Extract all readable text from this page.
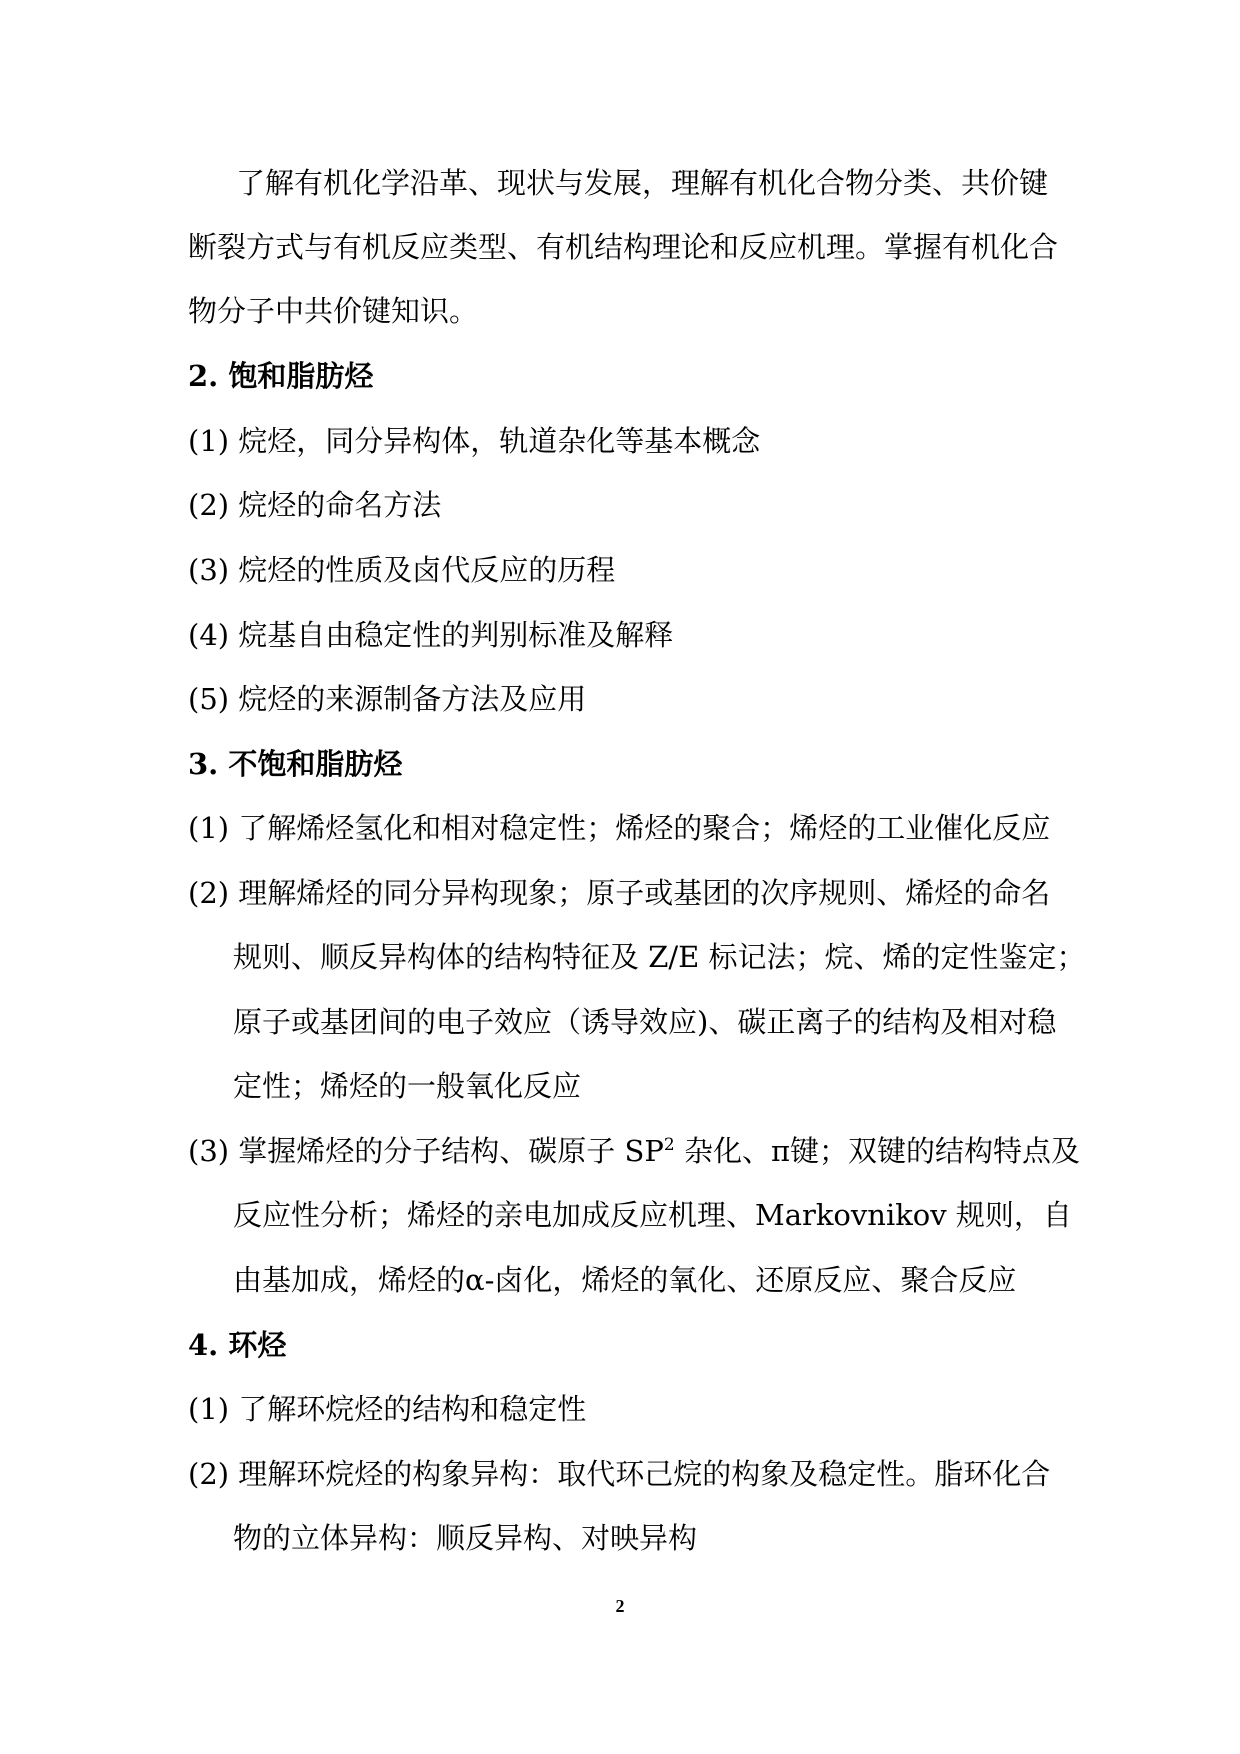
了解有机化学沿革、现状与发展，理解有机化合物分类、共价键
断裂方式与有机反应类型、有机结构理论和反应机理。掌握有机化合
物分子中共价键知识。
2. 饱和脂肪烃
(1) 烷烃，同分异构体，轨道杂化等基本概念
(2) 烷烃的命名方法
(3) 烷烃的性质及卤代反应的历程
(4) 烷基自由稳定性的判别标准及解释
(5) 烷烃的来源制备方法及应用
3. 不饱和脂肪烃
(1) 了解烯烃氢化和相对稳定性；烯烃的聚合；烯烃的工业催化反应
(2) 理解烯烃的同分异构现象；原子或基团的次序规则、烯烃的命名
规则、顺反异构体的结构特征及 Z/E 标记法；烷、烯的定性鉴定；
原子或基团间的电子效应（诱导效应)、碳正离子的结构及相对稳
定性；烯烃的一般氧化反应
(3) 掌握烯烃的分子结构、碳原子 $SP^2$ 杂化、π键；双键的结构特点及
反应性分析；烯烃的亲电加成反应机理、Markovnikov 规则，自
由基加成，烯烃的α-卤化，烯烃的氧化、还原反应、聚合反应
4. 环烃
(1) 了解环烷烃的结构和稳定性
(2) 理解环烷烃的构象异构：取代环己烷的构象及稳定性。脂环化合
物的立体异构：顺反异构、对映异构
2
